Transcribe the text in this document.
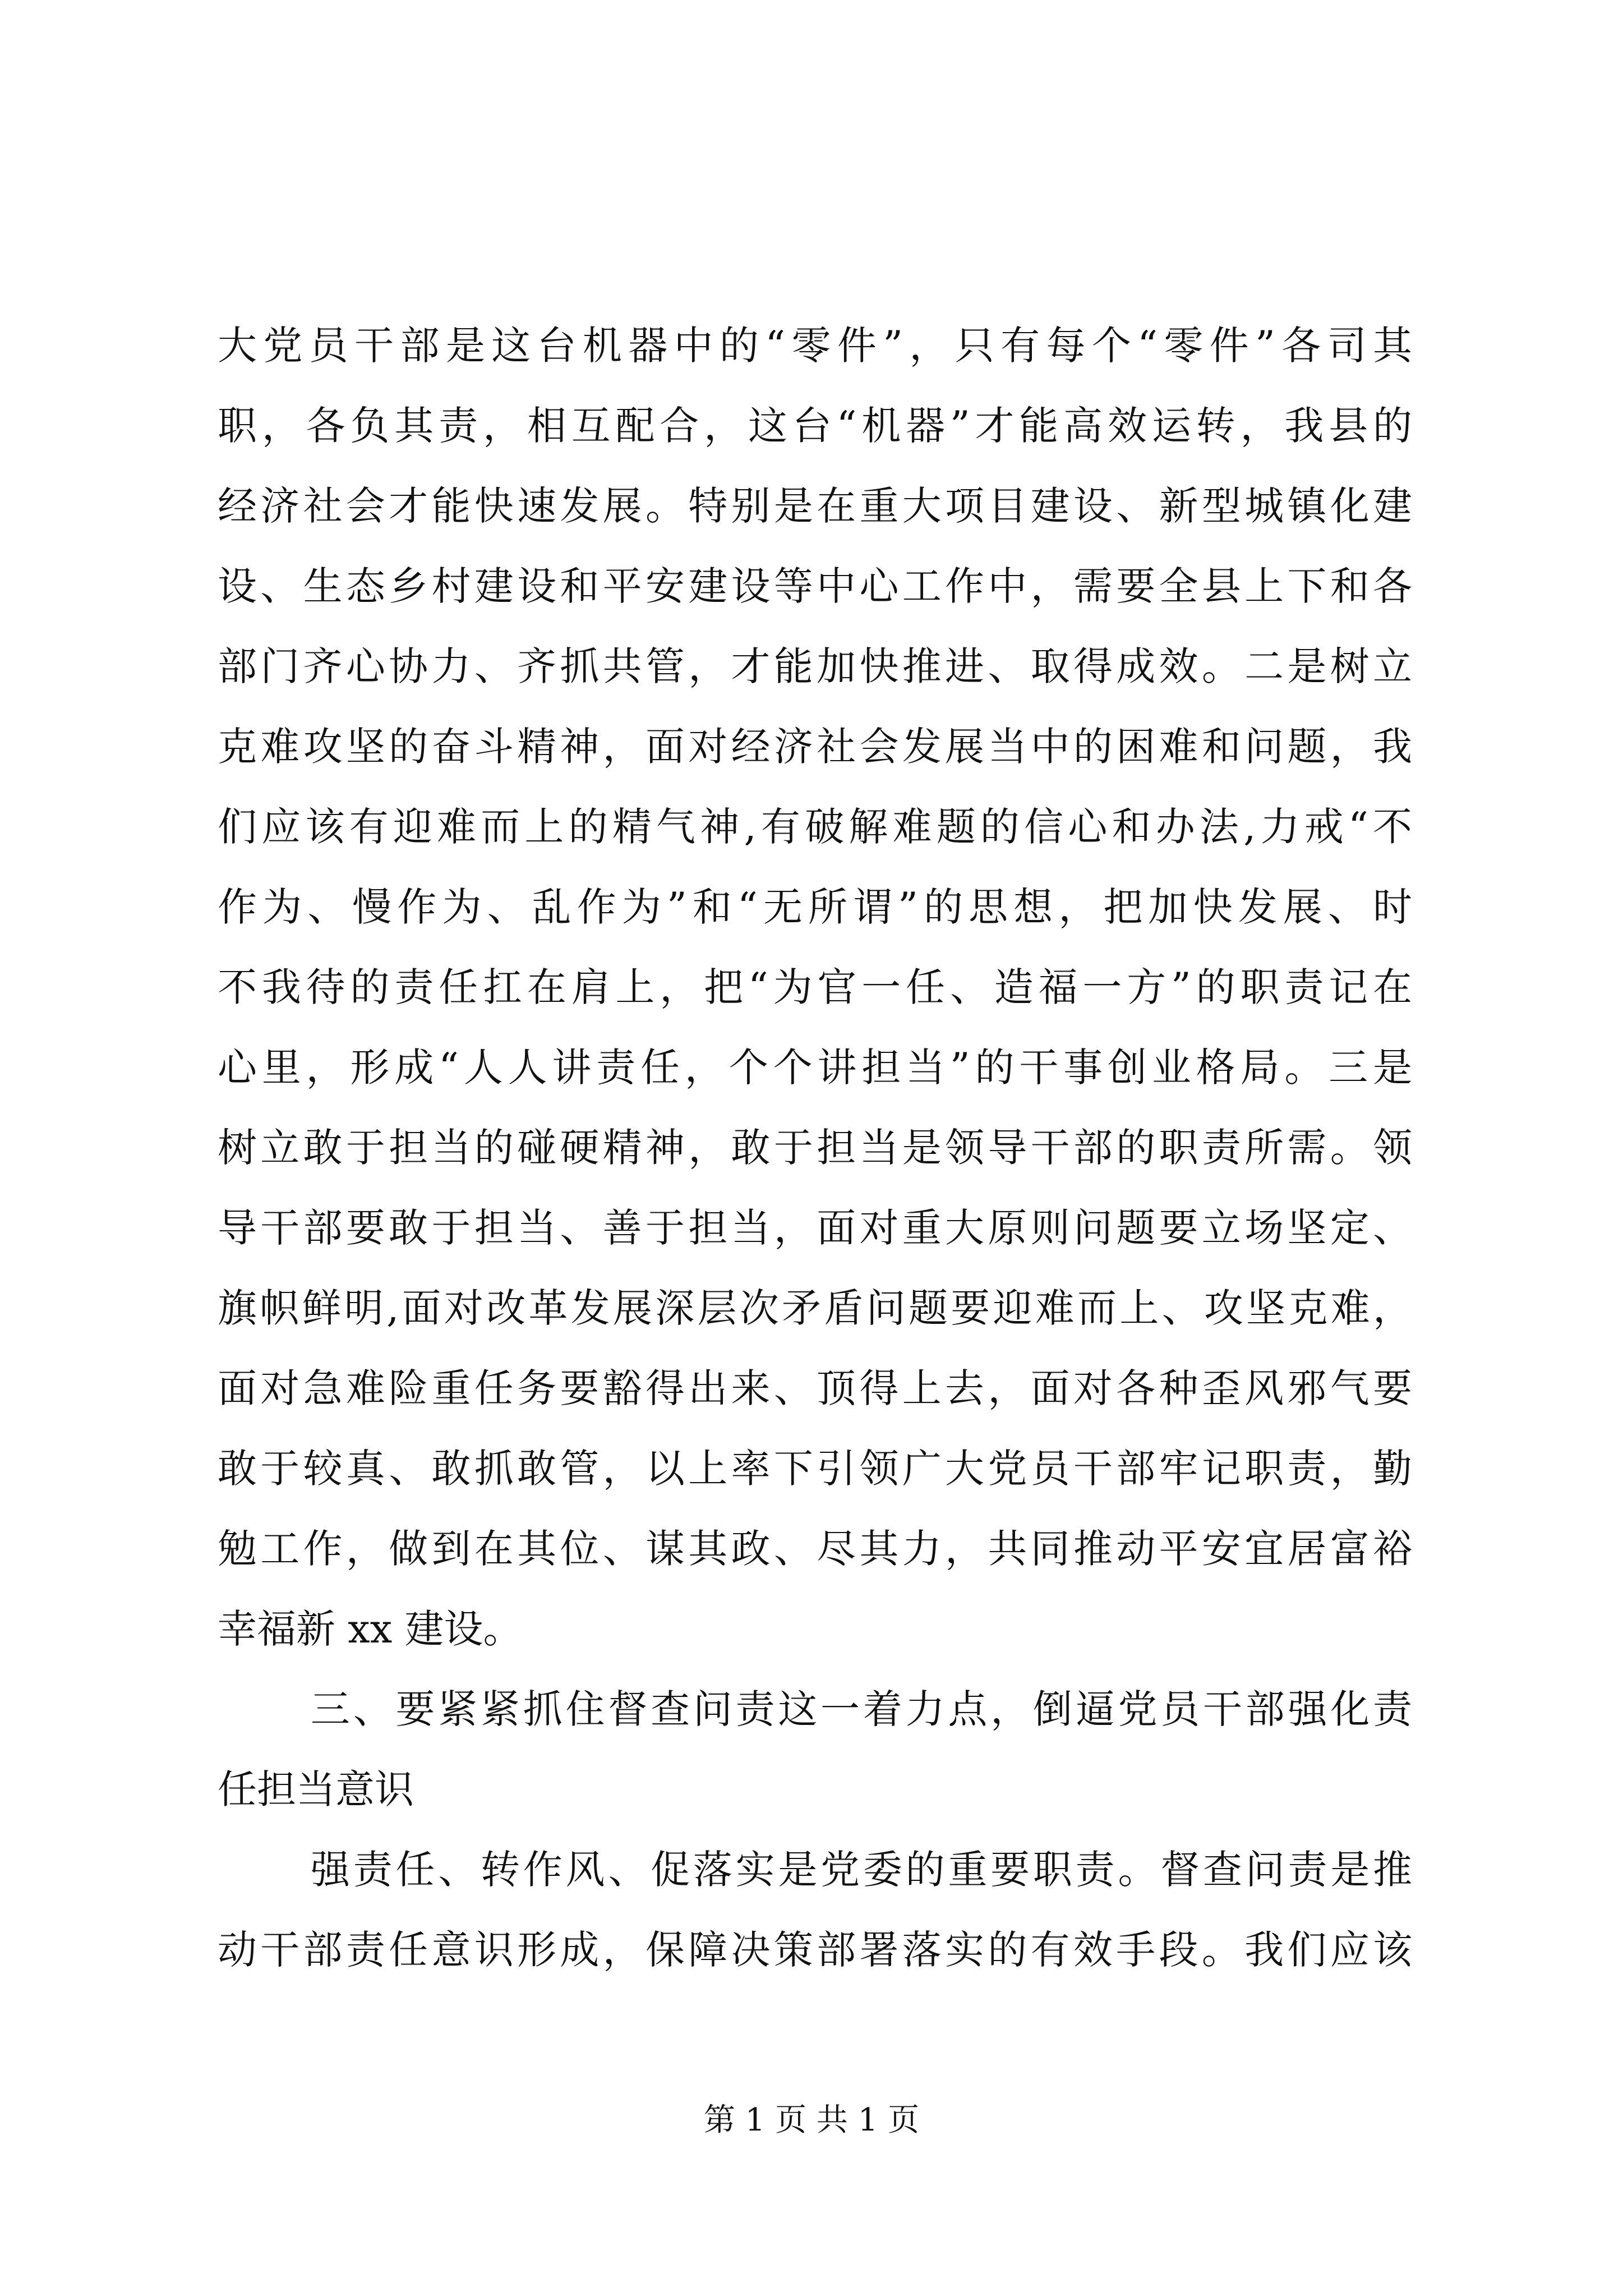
大党员干部是这台机器中的“零件”，只有每个“零件”各司其
职，各负其责，相互配合，这台“机器”才能高效运转，我县的
经济社会才能快速发展。特别是在重大项目建设、新型城镇化建
设、生态乡村建设和平安建设等中心工作中，需要全县上下和各
部门齐心协力、齐抓共管，才能加快推进、取得成效。二是树立
克难攻坚的奋斗精神，面对经济社会发展当中的困难和问题，我
们应该有迎难而上的精气神,有破解难题的信心和办法,力戒“不
作为、慢作为、乱作为”和“无所谓”的思想，把加快发展、时
不我待的责任扛在肩上，把“为官一任、造福一方”的职责记在
心里，形成“人人讲责任，个个讲担当”的干事创业格局。三是
树立敢于担当的碰硬精神，敢于担当是领导干部的职责所需。领
导干部要敢于担当、善于担当，面对重大原则问题要立场坚定、
旗帜鲜明,面对改革发展深层次矛盾问题要迎难而上、攻坚克难，
面对急难险重任务要豁得出来、顶得上去，面对各种歪风邪气要
敢于较真、敢抓敢管，以上率下引领广大党员干部牢记职责，勤
勉工作，做到在其位、谋其政、尽其力，共同推动平安宜居富裕
幸福新 xx 建设。
三、要紧紧抓住督查问责这一着力点，倒逼党员干部强化责
任担当意识
强责任、转作风、促落实是党委的重要职责。督查问责是推
动干部责任意识形成，保障决策部署落实的有效手段。我们应该
第 1 页 共 1 页
